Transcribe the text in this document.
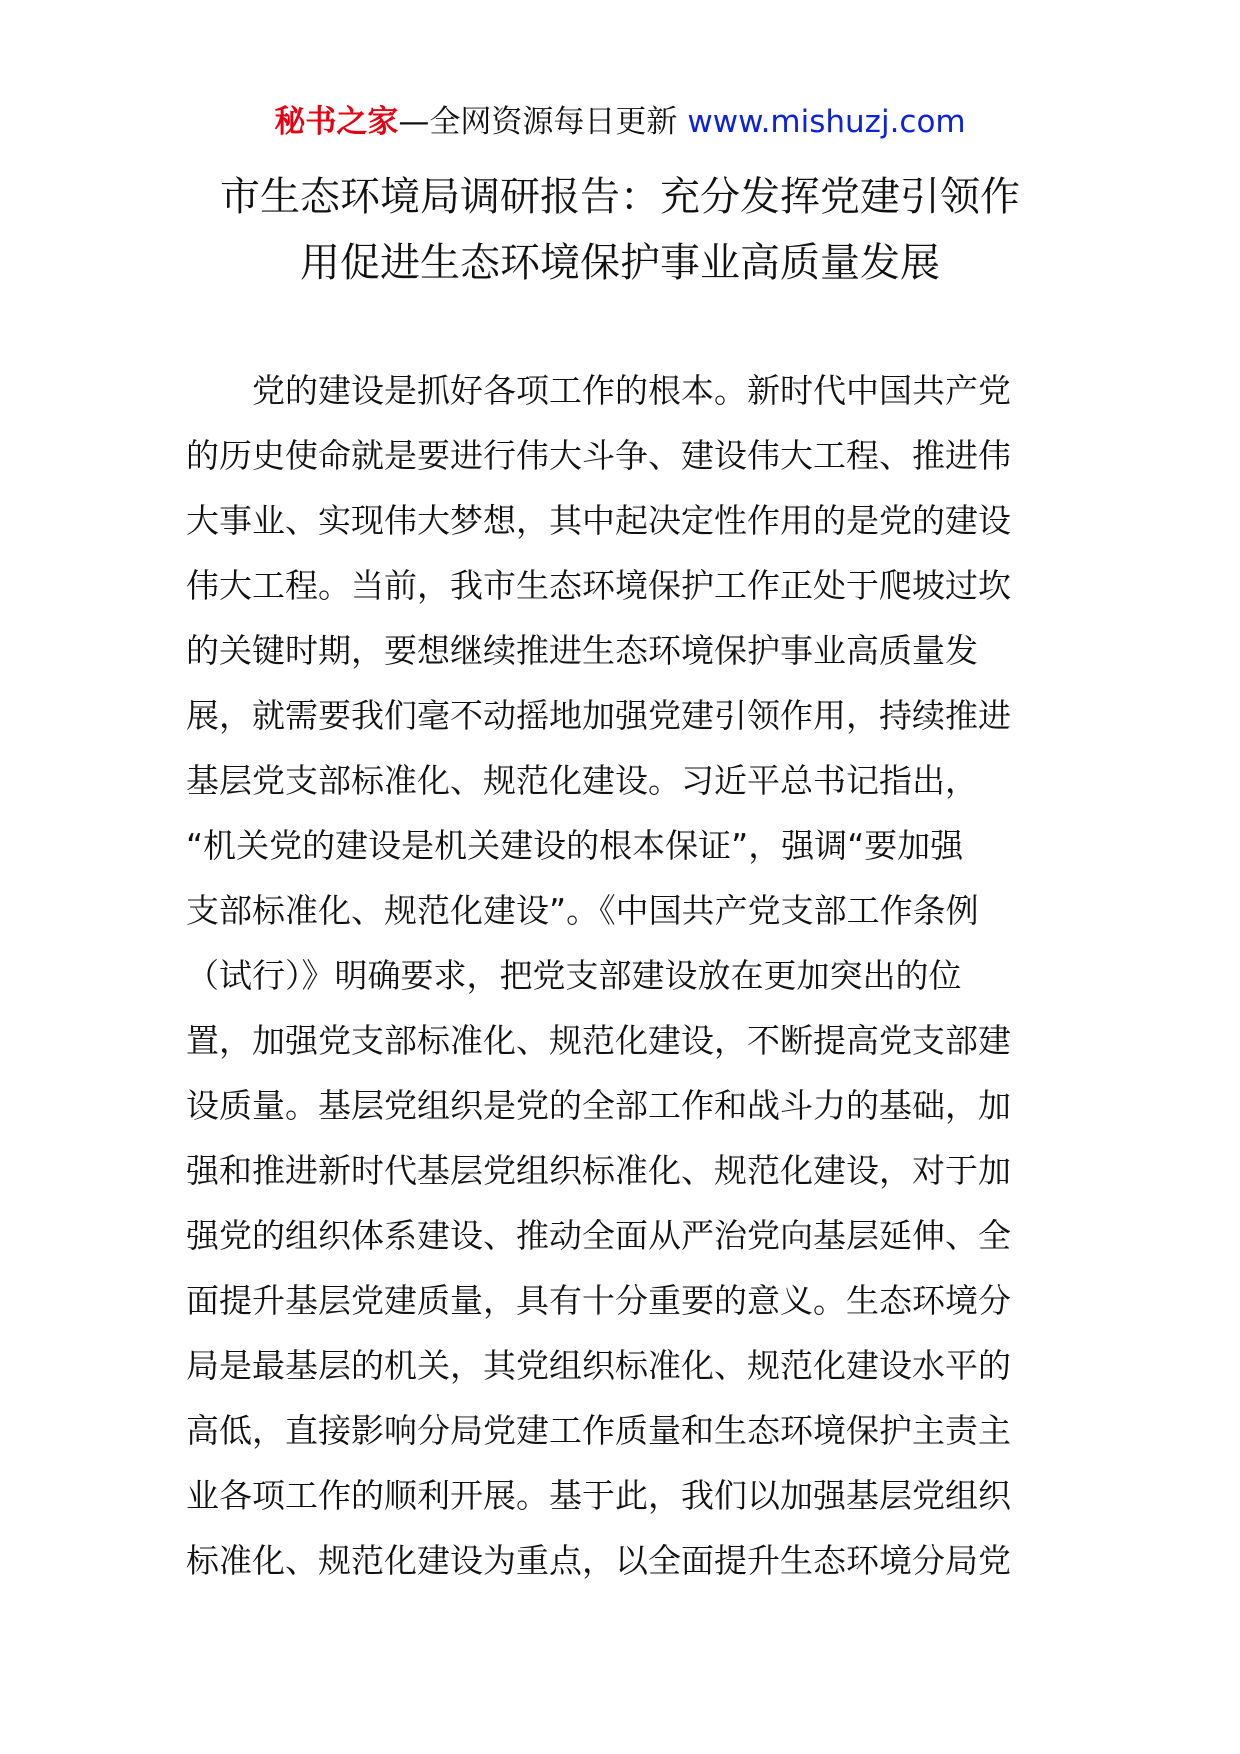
秘书之家—全网资源每日更新 www.mishuzj.com
市生态环境局调研报告：充分发挥党建引领作
用促进生态环境保护事业高质量发展
党的建设是抓好各项工作的根本。新时代中国共产党
的历史使命就是要进行伟大斗争、建设伟大工程、推进伟
大事业、实现伟大梦想，其中起决定性作用的是党的建设
伟大工程。当前，我市生态环境保护工作正处于爬坡过坎
的关键时期，要想继续推进生态环境保护事业高质量发
展，就需要我们毫不动摇地加强党建引领作用，持续推进
基层党支部标准化、规范化建设。习近平总书记指出，
“机关党的建设是机关建设的根本保证”，强调“要加强
支部标准化、规范化建设”。《中国共产党支部工作条例
（试行）》明确要求，把党支部建设放在更加突出的位
置，加强党支部标准化、规范化建设，不断提高党支部建
设质量。基层党组织是党的全部工作和战斗力的基础，加
强和推进新时代基层党组织标准化、规范化建设，对于加
强党的组织体系建设、推动全面从严治党向基层延伸、全
面提升基层党建质量，具有十分重要的意义。生态环境分
局是最基层的机关，其党组织标准化、规范化建设水平的
高低，直接影响分局党建工作质量和生态环境保护主责主
业各项工作的顺利开展。基于此，我们以加强基层党组织
标准化、规范化建设为重点，以全面提升生态环境分局党
